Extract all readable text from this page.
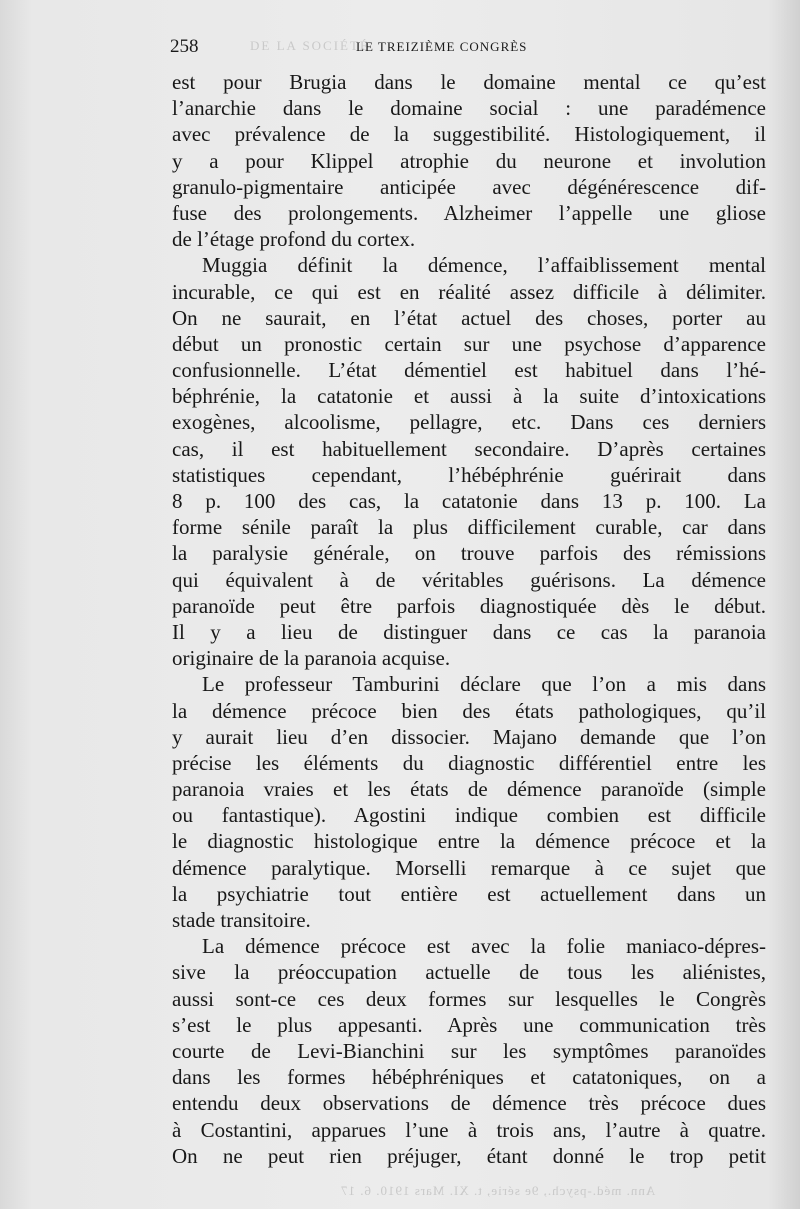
DE LA SOCIÉTÉ
258	LE TREIZIÈME CONGRÈS
est pour Brugia dans le domaine mental ce qu’est
l’anarchie dans le domaine social : une paradémence
avec prévalence de la suggestibilité. Histologiquement, il
y a pour Klippel atrophie du neurone et involution
granulo-pigmentaire anticipée avec dégénérescence dif-
fuse des prolongements. Alzheimer l’appelle une gliose
de l’étage profond du cortex.
Muggia définit la démence, l’affaiblissement mental
incurable, ce qui est en réalité assez difficile à délimiter.
On ne saurait, en l’état actuel des choses, porter au
début un pronostic certain sur une psychose d’apparence
confusionnelle. L’état démentiel est habituel dans l’hé-
béphrénie, la catatonie et aussi à la suite d’intoxications
exogènes, alcoolisme, pellagre, etc. Dans ces derniers
cas, il est habituellement secondaire. D’après certaines
statistiques cependant, l’hébéphrénie guérirait dans
8 p. 100 des cas, la catatonie dans 13 p. 100. La
forme sénile paraît la plus difficilement curable, car dans
la paralysie générale, on trouve parfois des rémissions
qui équivalent à de véritables guérisons. La démence
paranoïde peut être parfois diagnostiquée dès le début.
Il y a lieu de distinguer dans ce cas la paranoia
originaire de la paranoia acquise.
Le professeur Tamburini déclare que l’on a mis dans
la démence précoce bien des états pathologiques, qu’il
y aurait lieu d’en dissocier. Majano demande que l’on
précise les éléments du diagnostic différentiel entre les
paranoia vraies et les états de démence paranoïde (simple
ou fantastique). Agostini indique combien est difficile
le diagnostic histologique entre la démence précoce et la
démence paralytique. Morselli remarque à ce sujet que
la psychiatrie tout entière est actuellement dans un
stade transitoire.
La démence précoce est avec la folie maniaco-dépres-
sive la préoccupation actuelle de tous les aliénistes,
aussi sont-ce ces deux formes sur lesquelles le Congrès
s’est le plus appesanti. Après une communication très
courte de Levi-Bianchini sur les symptômes paranoïdes
dans les formes hébéphréniques et catatoniques, on a
entendu deux observations de démence très précoce dues
à Costantini, apparues l’une à trois ans, l’autre à quatre.
On ne peut rien préjuger, étant donné le trop petit
Ann. méd.-psych., 9e série, t. XI. Mars 1910. 6. 17
